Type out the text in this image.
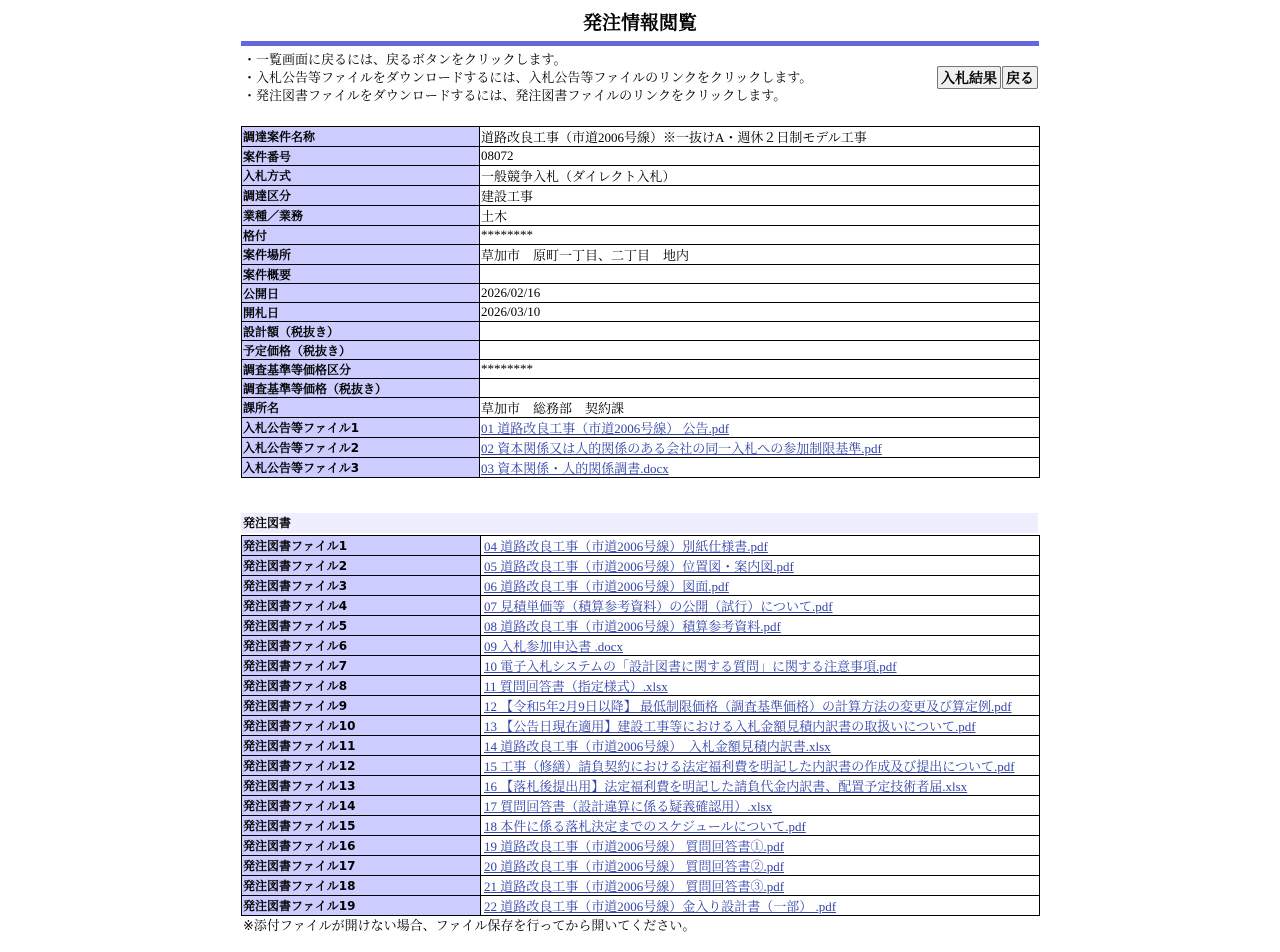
発注情報閲覧
・一覧画面に戻るには、戻るボタンをクリックします。
・入札公告等ファイルをダウンロードするには、入札公告等ファイルのリンクをクリックします。
・発注図書ファイルをダウンロードするには、発注図書ファイルのリンクをクリックします。
入札結果 戻る
調達案件名称	道路改良工事（市道2006号線）※一抜けA・週休２日制モデル工事
案件番号	08072
入札方式	一般競争入札（ダイレクト入札）
調達区分	建設工事
業種／業務	土木
格付	********
案件場所	草加市　原町一丁目、二丁目　地内
案件概要	
公開日	2026/02/16
開札日	2026/03/10
設計額（税抜き）	
予定価格（税抜き）	
調査基準等価格区分	********
調査基準等価格（税抜き）	
課所名	草加市　総務部　契約課
入札公告等ファイル1	01 道路改良工事（市道2006号線） 公告.pdf
入札公告等ファイル2	02 資本関係又は人的関係のある会社の同一入札への参加制限基準.pdf
入札公告等ファイル3	03 資本関係・人的関係調書.docx
発注図書
発注図書ファイル1	04 道路改良工事（市道2006号線）別紙仕様書.pdf
発注図書ファイル2	05 道路改良工事（市道2006号線）位置図・案内図.pdf
発注図書ファイル3	06 道路改良工事（市道2006号線）図面.pdf
発注図書ファイル4	07 見積単価等（積算参考資料）の公開（試行）について.pdf
発注図書ファイル5	08 道路改良工事（市道2006号線）積算参考資料.pdf
発注図書ファイル6	09 入札参加申込書 .docx
発注図書ファイル7	10 電子入札システムの「設計図書に関する質問」に関する注意事項.pdf
発注図書ファイル8	11 質問回答書（指定様式）.xlsx
発注図書ファイル9	12 【令和5年2月9日以降】 最低制限価格（調査基準価格）の計算方法の変更及び算定例.pdf
発注図書ファイル10	13 【公告日現在適用】建設工事等における入札金額見積内訳書の取扱いについて.pdf
発注図書ファイル11	14 道路改良工事（市道2006号線）　入札金額見積内訳書.xlsx
発注図書ファイル12	15 工事（修繕）請負契約における法定福利費を明記した内訳書の作成及び提出について.pdf
発注図書ファイル13	16 【落札後提出用】法定福利費を明記した請負代金内訳書、配置予定技術者届.xlsx
発注図書ファイル14	17 質問回答書（設計違算に係る疑義確認用）.xlsx
発注図書ファイル15	18 本件に係る落札決定までのスケジュールについて.pdf
発注図書ファイル16	19 道路改良工事（市道2006号線） 質問回答書①.pdf
発注図書ファイル17	20 道路改良工事（市道2006号線） 質問回答書②.pdf
発注図書ファイル18	21 道路改良工事（市道2006号線） 質問回答書③.pdf
発注図書ファイル19	22 道路改良工事（市道2006号線）金入り設計書（一部） .pdf
※添付ファイルが開けない場合、ファイル保存を行ってから開いてください。
